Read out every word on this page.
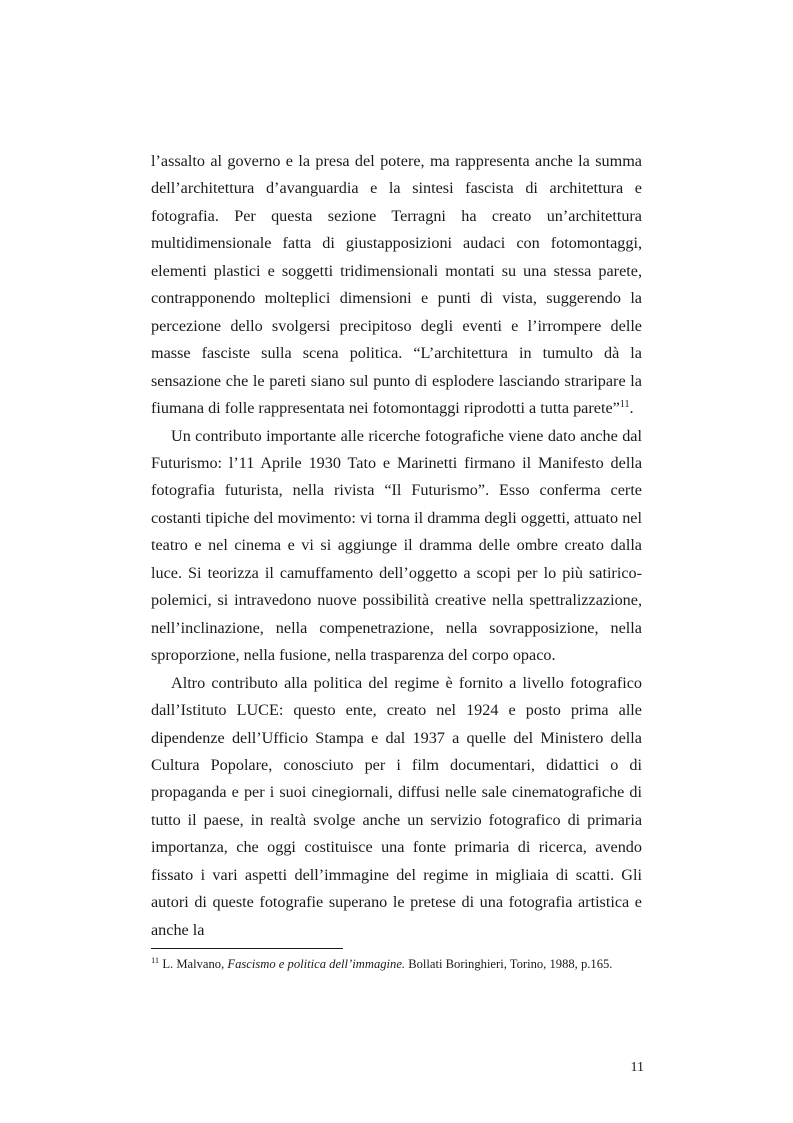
l’assalto al governo e la presa del potere, ma rappresenta anche la summa dell’architettura d’avanguardia e la sintesi fascista di architettura e fotografia. Per questa sezione Terragni ha creato un’architettura multidimensionale fatta di giustapposizioni audaci con fotomontaggi, elementi plastici e soggetti tridimensionali montati su una stessa parete, contrapponendo molteplici dimensioni e punti di vista, suggerendo la percezione dello svolgersi precipitoso degli eventi e l’irrompere delle masse fasciste sulla scena politica. “L’architettura in tumulto dà la sensazione che le pareti siano sul punto di esplodere lasciando straripare la fiumana di folle rappresentata nei fotomontaggi riprodotti a tutta parete”$^{11}$.

Un contributo importante alle ricerche fotografiche viene dato anche dal Futurismo: l’11 Aprile 1930 Tato e Marinetti firmano il Manifesto della fotografia futurista, nella rivista “Il Futurismo”. Esso conferma certe costanti tipiche del movimento: vi torna il dramma degli oggetti, attuato nel teatro e nel cinema e vi si aggiunge il dramma delle ombre creato dalla luce. Si teorizza il camuffamento dell’oggetto a scopi per lo più satirico-polemici, si intravedono nuove possibilità creative nella spettralizzazione, nell’inclinazione, nella compenetrazione, nella sovrapposizione, nella sproporzione, nella fusione, nella trasparenza del corpo opaco.

Altro contributo alla politica del regime è fornito a livello fotografico dall’Istituto LUCE: questo ente, creato nel 1924 e posto prima alle dipendenze dell’Ufficio Stampa e dal 1937 a quelle del Ministero della Cultura Popolare, conosciuto per i film documentari, didattici o di propaganda e per i suoi cinegiornali, diffusi nelle sale cinematografiche di tutto il paese, in realtà svolge anche un servizio fotografico di primaria importanza, che oggi costituisce una fonte primaria di ricerca, avendo fissato i vari aspetti dell’immagine del regime in migliaia di scatti. Gli autori di queste fotografie superano le pretese di una fotografia artistica e anche la

$^{11}$ L. Malvano, Fascismo e politica dell’immagine. Bollati Boringhieri, Torino, 1988, p.165.
11
